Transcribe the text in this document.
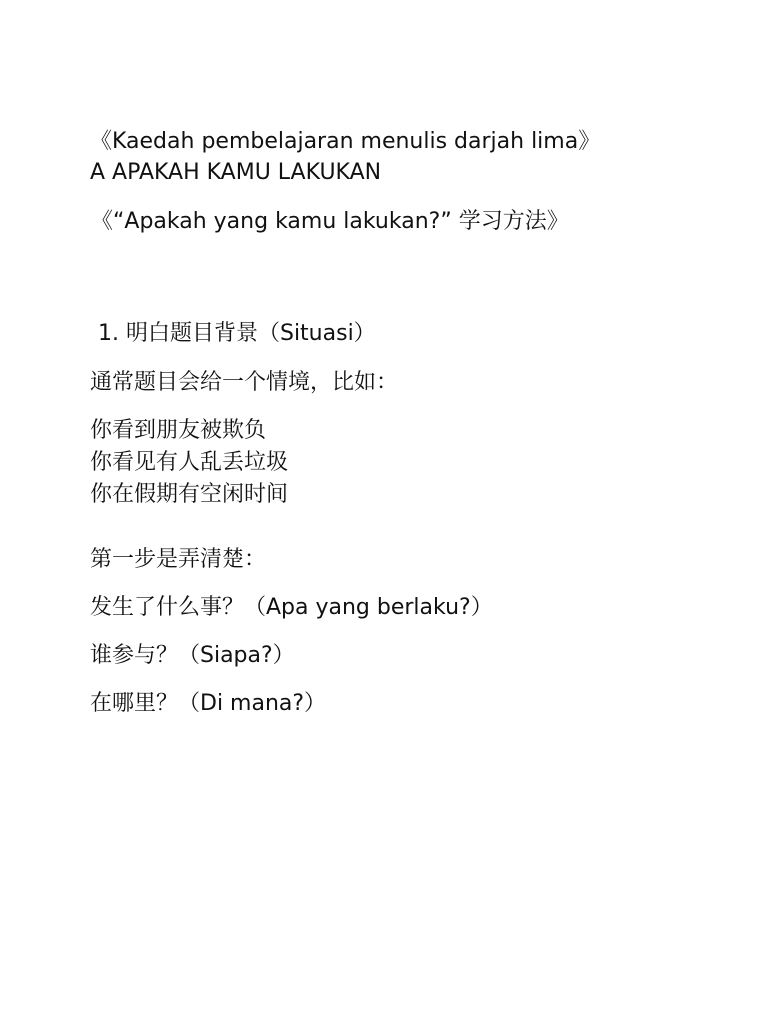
《Kaedah pembelajaran menulis darjah lima》
A APAKAH KAMU LAKUKAN
《“Apakah yang kamu lakukan?” 学习方法》
1. 明白题目背景（Situasi）
通常题目会给一个情境，比如：
你看到朋友被欺负
你看见有人乱丢垃圾
你在假期有空闲时间
第一步是弄清楚：
发生了什么事？（Apa yang berlaku?）
谁参与？（Siapa?）
在哪里？（Di mana?）
